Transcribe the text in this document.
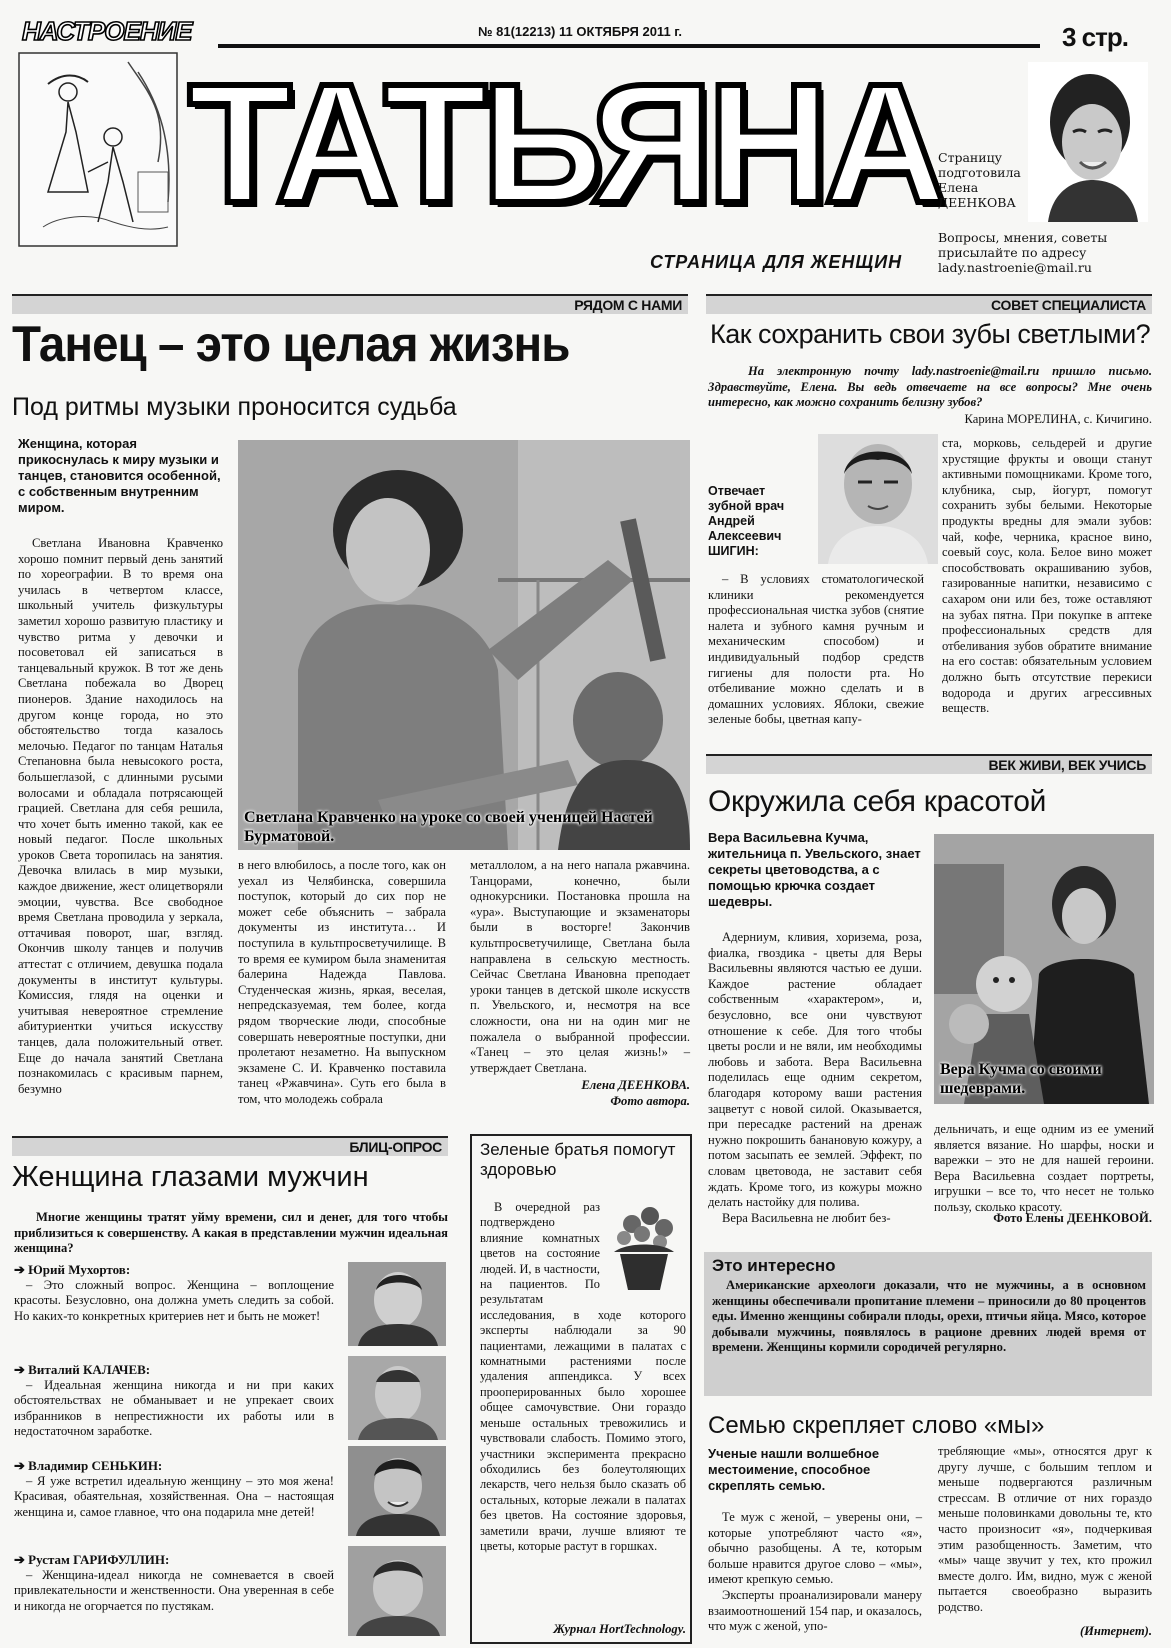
НАСТРОЕНИЕ	№ 81(12213) 11 ОКТЯБРЯ 2011 г.	3 стр.
ТАТЬЯНА
СТРАНИЦА ДЛЯ ЖЕНЩИН
Страницу подготовила
Елена ДЕЕНКОВА
Вопросы, мнения, советы присылайте по адресу lady.nastroenie@mail.ru
РЯДОМ С НАМИ
Танец – это целая жизнь
Под ритмы музыки проносится судьба
Женщина, которая прикоснулась к миру музыки и танцев, становится особенной, с собственным внутренним миром.

Светлана Ивановна Кравченко хорошо помнит первый день занятий по хореографии. В то время она училась в четвертом классе, школьный учитель физкультуры заметил хорошо развитую пластику и чувство ритма у девочки и посоветовал ей записаться в танцевальный кружок. В тот же день Светлана побежала во Дворец пионеров. Здание находилось на другом конце города, но это обстоятельство тогда казалось мелочью. Педагог по танцам Наталья Степановна была невысокого роста, большеглазой, с длинными русыми волосами и обладала потрясающей грацией. Светлана для себя решила, что хочет быть именно такой, как ее новый педагог. После школьных уроков Света торопилась на занятия. Девочка влилась в мир музыки, каждое движение, жест олицетворяли эмоции, чувства. Все свободное время Светлана проводила у зеркала, оттачивая поворот, шаг, взгляд. Окончив школу танцев и получив аттестат с отличием, девушка подала документы в институт культуры. Комиссия, глядя на оценки и учитывая невероятное стремление абитуриентки учиться искусству танцев, дала положительный ответ. Еще до начала занятий Светлана познакомилась с красивым парнем, безумно

Светлана Кравченко на уроке со своей ученицей Настей Бурматовой.

в него влюбилось, а после того, как он уехал из Челябинска, совершила поступок, который до сих пор не может себе объяснить – забрала документы из института… И поступила в культпросветучилище. В то время ее кумиром была знаменитая балерина Надежда Павлова. Студенческая жизнь, яркая, веселая, непредсказуемая, тем более, когда рядом творческие люди, способные совершать невероятные поступки, дни пролетают незаметно. На выпускном экзамене С. И. Кравченко поставила танец «Ржавчина». Суть его была в том, что молодежь собрала

металлолом, а на него напала ржавчина. Танцорами, конечно, были однокурсники. Постановка прошла на «ура». Выступающие и экзаменаторы были в восторге! Закончив культпросветучилище, Светлана была направлена в сельскую местность. Сейчас Светлана Ивановна преподает уроки танцев в детской школе искусств п. Увельского, и, несмотря на все сложности, она ни на один миг не пожалела о выбранной профессии. «Танец – это целая жизнь!» – утверждает Светлана.

Елена ДЕЕНКОВА.
Фото автора.
СОВЕТ СПЕЦИАЛИСТА
Как сохранить свои зубы светлыми?
На электронную почту lady.nastroenie@mail.ru пришло письмо. Здравствуйте, Елена. Вы ведь отвечаете на все вопросы? Мне очень интересно, как можно сохранить белизну зубов?
Карина МОРЕЛИНА, с. Кичигино.
Отвечает зубной врач Андрей Алексеевич ШИГИН:

– В условиях стоматологической клиники рекомендуется профессиональная чистка зубов (снятие налета и зубного камня ручным и механическим способом) и индивидуальный подбор средств гигиены для полости рта. Но отбеливание можно сделать и в домашних условиях. Яблоки, свежие зеленые бобы, цветная капу-

ста, морковь, сельдерей и другие хрустящие фрукты и овощи станут активными помощниками. Кроме того, клубника, сыр, йогурт, помогут сохранить зубы белыми. Некоторые продукты вредны для эмали зубов: чай, кофе, черника, красное вино, соевый соус, кола. Белое вино может способствовать окрашиванию зубов, газированные напитки, независимо с сахаром они или без, тоже оставляют на зубах пятна. При покупке в аптеке профессиональных средств для отбеливания зубов обратите внимание на его состав: обязательным условием должно быть отсутствие перекиси водорода и других агрессивных веществ.

ВЕК ЖИВИ, ВЕК УЧИСЬ
Окружила себя красотой
Вера Васильевна Кучма, жительница п. Увельского, знает секреты цветоводства, а с помощью крючка создает шедевры.

Адерниум, кливия, хоризема, роза, фиалка, гвоздика - цветы для Веры Васильевны являются частью ее души. Каждое растение обладает собственным «характером», и, безусловно, все они чувствуют отношение к себе. Для того чтобы цветы росли и не вяли, им необходимы любовь и забота. Вера Васильевна поделилась еще одним секретом, благодаря которому ваши растения зацветут с новой силой. Оказывается, при пересадке растений на дренаж нужно покрошить банановую кожуру, а потом засыпать ее землей. Эффект, по словам цветовода, не заставит себя ждать. Кроме того, из кожуры можно делать настойку для полива.

Вера Васильевна не любит без-

Вера Кучма со своими шедеврами.

дельничать, и еще одним из ее умений является вязание. Но шарфы, носки и варежки – это не для нашей героини. Вера Васильевна создает портреты, игрушки – все то, что несет не только пользу, сколько красоту.

Фото Елены ДЕЕНКОВОЙ.
Это интересно
Американские археологи доказали, что не мужчины, а в основном женщины обеспечивали пропитание племени – приносили до 80 процентов еды. Именно женщины собирали плоды, орехи, птичьи яйца. Мясо, которое добывали мужчины, появлялось в рационе древних людей время от времени. Женщины кормили сородичей регулярно.
Семью скрепляет слово «мы»
Ученые нашли волшебное местоимение, способное скреплять семью.

Те муж с женой, – уверены они, – которые употребляют часто «я», обычно разобщены. А те, которым больше нравится другое слово – «мы», имеют крепкую семью.

Эксперты проанализировали манеру взаимоотношений 154 пар, и оказалось, что муж с женой, упо-

требляющие «мы», относятся друг к другу лучше, с большим теплом и меньше подвергаются различным стрессам. В отличие от них гораздо меньше половинками довольны те, кто часто произносит «я», подчеркивая этим разобщенность. Заметим, что «мы» чаще звучит у тех, кто прожил вместе долго. Им, видно, муж с женой пытается своеобразно выразить родство.

(Интернет).
БЛИЦ-ОПРОС
Женщина глазами мужчин
Многие женщины тратят уйму времени, сил и денег, для того чтобы приблизиться к совершенству. А какая в представлении мужчин идеальная женщина?
➔ Юрий Мухортов:
– Это сложный вопрос. Женщина – воплощение красоты. Безусловно, она должна уметь следить за собой. Но каких-то конкретных критериев нет и быть не может!
➔ Виталий КАЛАЧЕВ:
– Идеальная женщина никогда и ни при каких обстоятельствах не обманывает и не упрекает своих избранников в непрестижности их работы или в недостаточном заработке.
➔ Владимир СЕНЬКИН:
– Я уже встретил идеальную женщину – это моя жена! Красивая, обаятельная, хозяйственная. Она – настоящая женщина и, самое главное, что она подарила мне детей!
➔ Рустам ГАРИФУЛЛИН:
– Женщина-идеал никогда не сомневается в своей привлекательности и женственности. Она уверенная в себе и никогда не огорчается по пустякам.
Зеленые братья помогут здоровью
В очередной раз подтверждено влияние комнатных цветов на состояние людей. И, в частности, на пациентов. По результатам исследования, в ходе которого эксперты наблюдали за 90 пациентами, лежащими в палатах с комнатными растениями после удаления аппендикса. У всех прооперированных было хорошее общее самочувствие. Они гораздо меньше остальных тревожились и чувствовали слабость. Помимо этого, участники эксперимента прекрасно обходились без болеутоляющих лекарств, чего нельзя было сказать об остальных, которые лежали в палатах без цветов. На состояние здоровья, заметили врачи, лучше влияют те цветы, которые растут в горшках.
Журнал HortTechnology.
